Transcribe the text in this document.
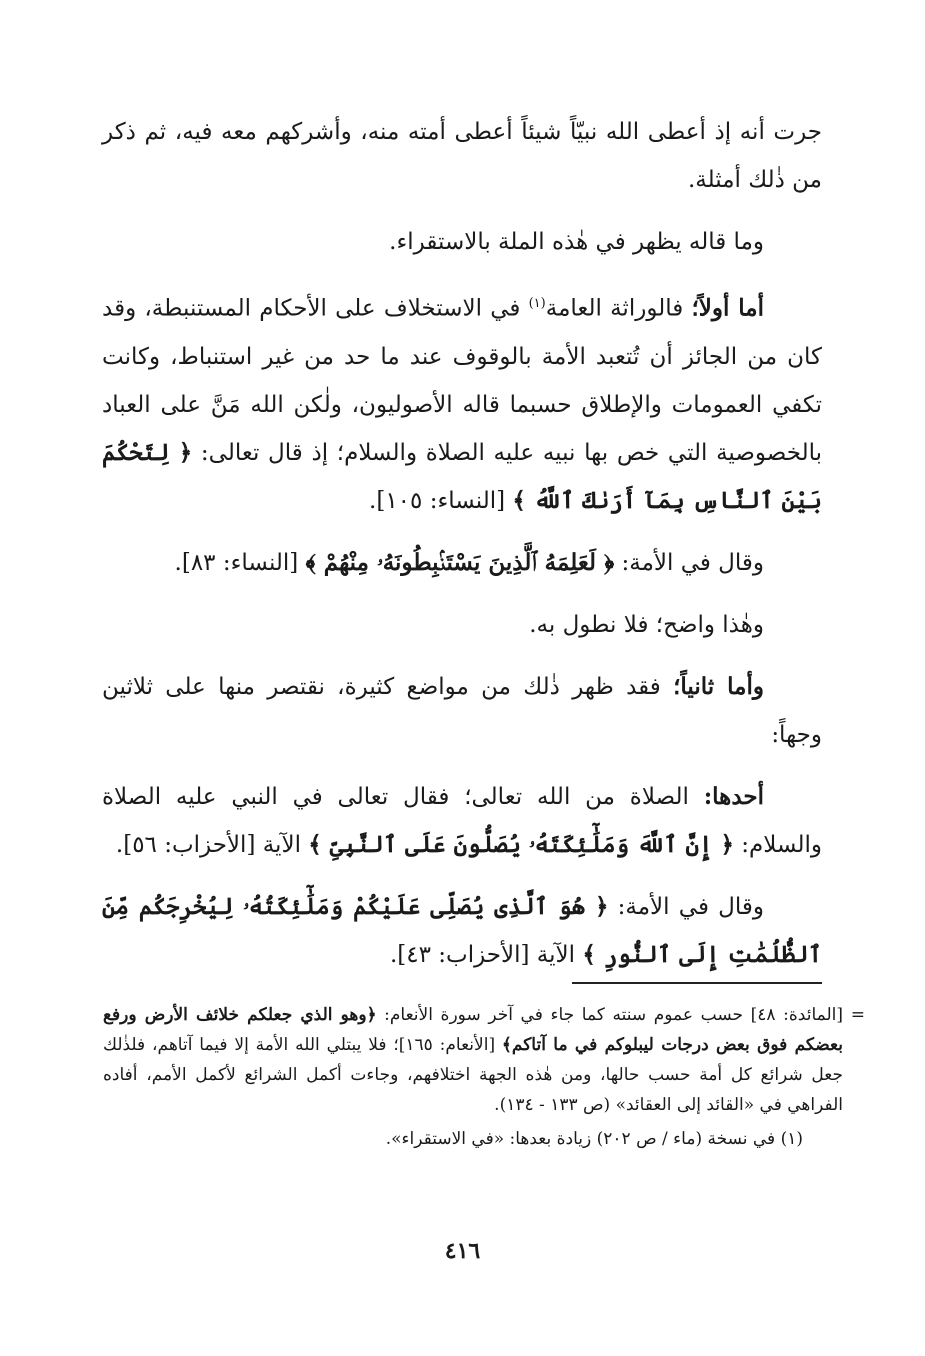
جرت أنه إذ أعطى الله نبيّاً شيئاً أعطى أمته منه، وأشركهم معه فيه، ثم ذكر من ذٰلك أمثلة.

وما قاله يظهر في هٰذه الملة بالاستقراء.

أما أولاً؛ فالوراثة العامة$^{(١)}$ في الاستخلاف على الأحكام المستنبطة، وقد كان من الجائز أن تُتعبد الأمة بالوقوف عند ما حد من غير استنباط، وكانت تكفي العمومات والإطلاق حسبما قاله الأصوليون، ولٰكن الله مَنَّ على العباد بالخصوصية التي خص بها نبيه عليه الصلاة والسلام؛ إذ قال تعالى: ﴿ لِتَحْكُمَ بَيْنَ ٱلنَّاسِ بِمَآ أَرَىٰكَ ٱللَّهُ ﴾ [النساء: ١٠٥].

وقال في الأمة: ﴿ لَعَلِمَهُ ٱلَّذِينَ يَسْتَنۢبِطُونَهُۥ مِنْهُمْ ﴾ [النساء: ٨٣].

وهٰذا واضح؛ فلا نطول به.

وأما ثانياً؛ فقد ظهر ذٰلك من مواضع كثيرة، نقتصر منها على ثلاثين وجهاً:

أحدها: الصلاة من الله تعالى؛ فقال تعالى في النبي عليه الصلاة والسلام: ﴿ إِنَّ ٱللَّهَ وَمَلَٰٓئِكَتَهُۥ يُصَلُّونَ عَلَى ٱلنَّبِىِّ ﴾ الآية [الأحزاب: ٥٦].

وقال في الأمة: ﴿ هُوَ ٱلَّذِى يُصَلِّى عَلَيْكُمْ وَمَلَٰٓئِكَتُهُۥ لِيُخْرِجَكُم مِّنَ ٱلظُّلُمَٰتِ إِلَى ٱلنُّورِ ﴾ الآية [الأحزاب: ٤٣].

=

[المائدة: ٤٨] حسب عموم سنته كما جاء في آخر سورة الأنعام: ﴿وهو الذي جعلكم خلائف الأرض ورفع بعضكم فوق بعض درجات ليبلوكم في ما آتاكم﴾ [الأنعام: ١٦٥]؛ فلا يبتلي الله الأمة إلا فيما آتاهم، فلذٰلك جعل شرائع كل أمة حسب حالها، ومن هٰذه الجهة اختلافهم، وجاءت أكمل الشرائع لأكمل الأمم، أفاده الفراهي في «القائد إلى العقائد» (ص ١٣٣ - ١٣٤).

(١) في نسخة (ماء / ص ٢٠٢) زيادة بعدها: «في الاستقراء».

٤١٦
